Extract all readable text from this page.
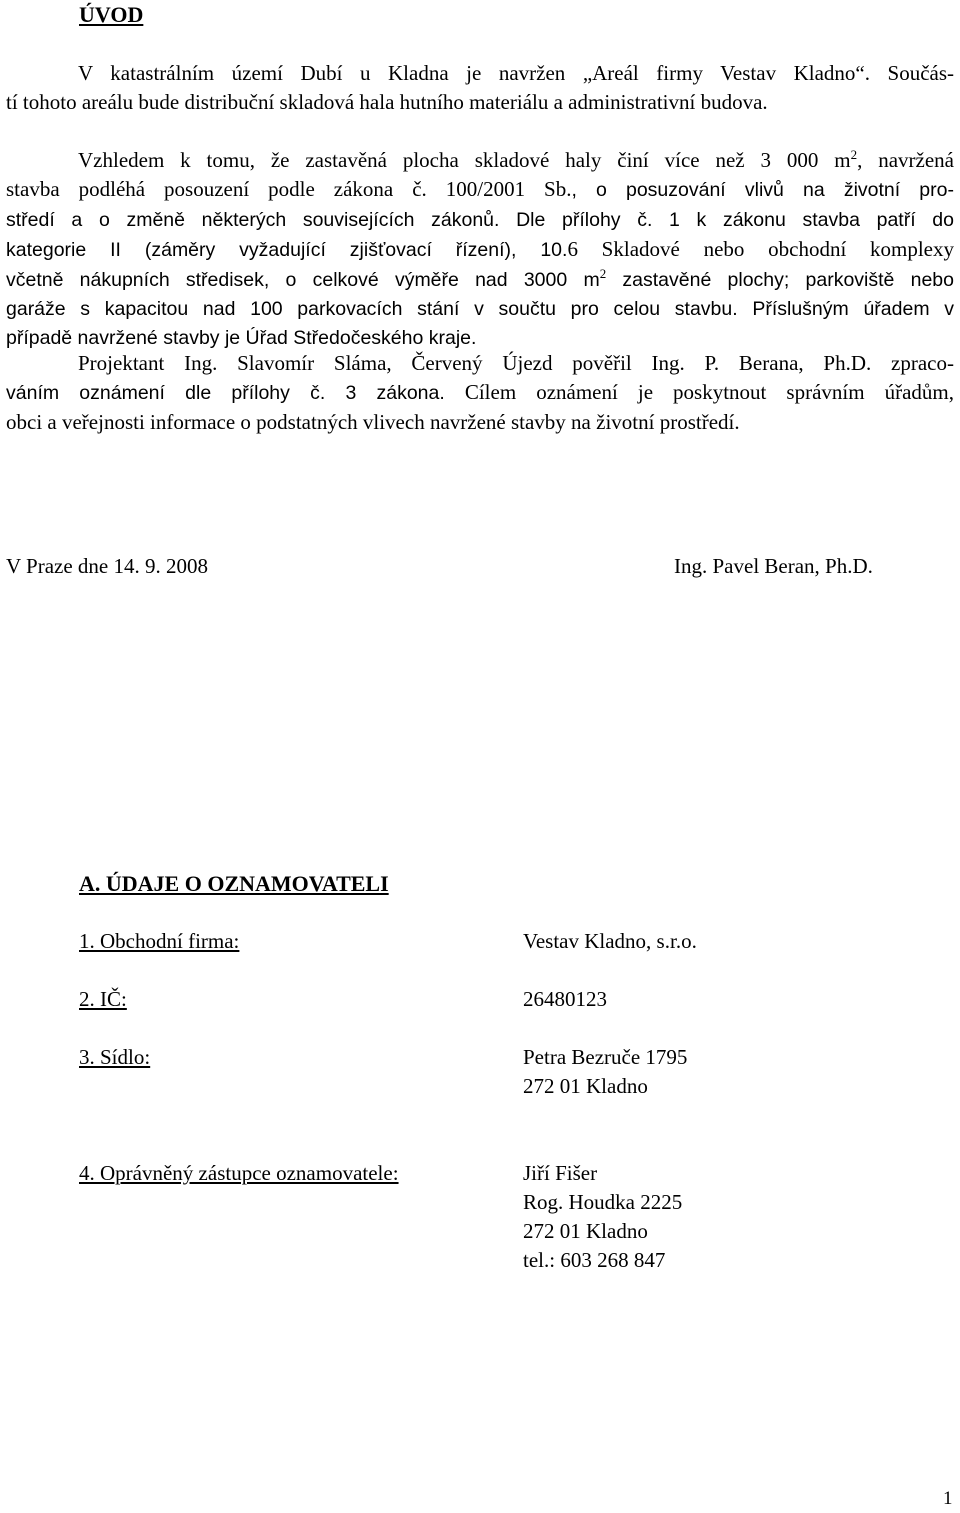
ÚVOD
V katastrálním území Dubí u Kladna je navržen „Areál firmy Vestav Kladno“. Součás-
tí tohoto areálu bude distribuční skladová hala hutního materiálu a administrativní budova.
Vzhledem k tomu, že zastavěná plocha skladové haly činí více než 3 000 $m^2$, navržená
stavba podléhá posouzení podle zákona č. 100/2001 Sb., o posuzování vlivů na životní pro-
středí a o změně některých souvisejících zákonů. Dle přílohy č. 1 k zákonu stavba patří do
kategorie II (záměry vyžadující zjišťovací řízení), 10.6 Skladové nebo obchodní komplexy
včetně nákupních středisek, o celkové výměře nad 3000 $m^2$ zastavěné plochy; parkoviště nebo
garáže s kapacitou nad 100 parkovacích stání v součtu pro celou stavbu. Příslušným úřadem v
případě navržené stavby je Úřad Středočeského kraje.
Projektant Ing. Slavomír Sláma, Červený Újezd pověřil Ing. P. Berana, Ph.D. zpraco-
váním oznámení dle přílohy č. 3 zákona. Cílem oznámení je poskytnout správním úřadům,
obci a veřejnosti informace o podstatných vlivech navržené stavby na životní prostředí.
V Praze dne 14. 9. 2008	Ing. Pavel Beran, Ph.D.
A. ÚDAJE O OZNAMOVATELI
1. Obchodní firma:	Vestav Kladno, s.r.o.
2. IČ:	26480123
3. Sídlo:	Petra Bezruče 1795
272 01 Kladno
4. Oprávněný zástupce oznamovatele:	Jiří Fišer
Rog. Houdka 2225
272 01 Kladno
tel.: 603 268 847
1
